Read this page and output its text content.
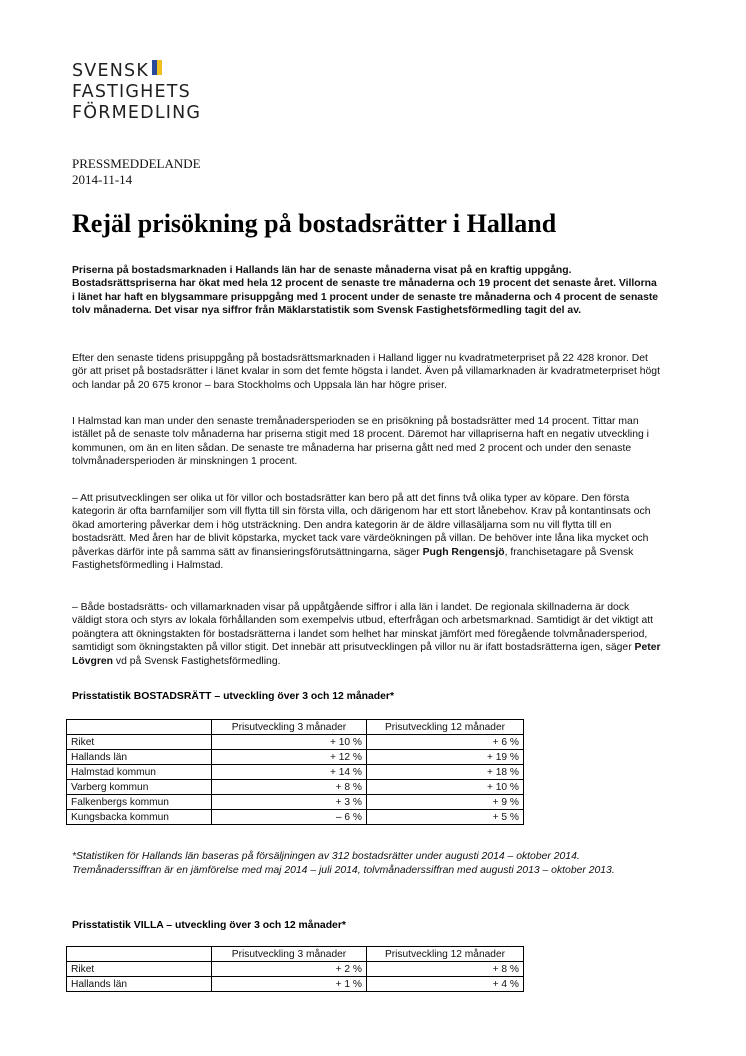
SVENSK
FASTIGHETS
FÖRMEDLING
PRESSMEDDELANDE
2014-11-14
Rejäl prisökning på bostadsrätter i Halland

Priserna på bostadsmarknaden i Hallands län har de senaste månaderna visat på en kraftig uppgång. Bostadsrättspriserna har ökat med hela 12 procent de senaste tre månaderna och 19 procent det senaste året. Villorna i länet har haft en blygsammare prisuppgång med 1 procent under de senaste tre månaderna och 4 procent de senaste tolv månaderna. Det visar nya siffror från Mäklarstatistik som Svensk Fastighetsförmedling tagit del av.

Efter den senaste tidens prisuppgång på bostadsrättsmarknaden i Halland ligger nu kvadratmeterpriset på 22 428 kronor. Det gör att priset på bostadsrätter i länet kvalar in som det femte högsta i landet. Även på villamarknaden är kvadratmeterpriset högt och landar på 20 675 kronor – bara Stockholms och Uppsala län har högre priser.

I Halmstad kan man under den senaste tremånadersperioden se en prisökning på bostadsrätter med 14 procent. Tittar man istället på de senaste tolv månaderna har priserna stigit med 18 procent. Däremot har villapriserna haft en negativ utveckling i kommunen, om än en liten sådan. De senaste tre månaderna har priserna gått ned med 2 procent och under den senaste tolvmånadersperioden är minskningen 1 procent.

– Att prisutvecklingen ser olika ut för villor och bostadsrätter kan bero på att det finns två olika typer av köpare. Den första kategorin är ofta barnfamiljer som vill flytta till sin första villa, och därigenom har ett stort lånebehov. Krav på kontantinsats och ökad amortering påverkar dem i hög utsträckning. Den andra kategorin är de äldre villasäljarna som nu vill flytta till en bostadsrätt. Med åren har de blivit köpstarka, mycket tack vare värdeökningen på villan. De behöver inte låna lika mycket och påverkas därför inte på samma sätt av finansieringsförutsättningarna, säger Pugh Rengensjö, franchisetagare på Svensk Fastighetsförmedling i Halmstad.

– Både bostadsrätts- och villamarknaden visar på uppåtgående siffror i alla län i landet. De regionala skillnaderna är dock väldigt stora och styrs av lokala förhållanden som exempelvis utbud, efterfrågan och arbetsmarknad. Samtidigt är det viktigt att poängtera att ökningstakten för bostadsrätterna i landet som helhet har minskat jämfört med föregående tolvmånadersperiod, samtidigt som ökningstakten på villor stigit. Det innebär att prisutvecklingen på villor nu är ifatt bostadsrätterna igen, säger Peter Lövgren vd på Svensk Fastighetsförmedling.

Prisstatistik BOSTADSRÄTT – utveckling över 3 och 12 månader*
	Prisutveckling 3 månader	Prisutveckling 12 månader
Riket	+ 10 %	+ 6 %
Hallands län	+ 12 %	+ 19 %
Halmstad kommun	+ 14 %	+ 18 %
Varberg kommun	+ 8 %	+ 10 %
Falkenbergs kommun	+ 3 %	+ 9 %
Kungsbacka kommun	– 6 %	+ 5 %
*Statistiken för Hallands län baseras på försäljningen av 312 bostadsrätter under augusti 2014 – oktober 2014. Tremånaderssiffran är en jämförelse med maj 2014 – juli 2014, tolvmånaderssiffran med augusti 2013 – oktober 2013.
Prisstatistik VILLA – utveckling över 3 och 12 månader*
	Prisutveckling 3 månader	Prisutveckling 12 månader
Riket	+ 2 %	+ 8 %
Hallands län	+ 1 %	+ 4 %
